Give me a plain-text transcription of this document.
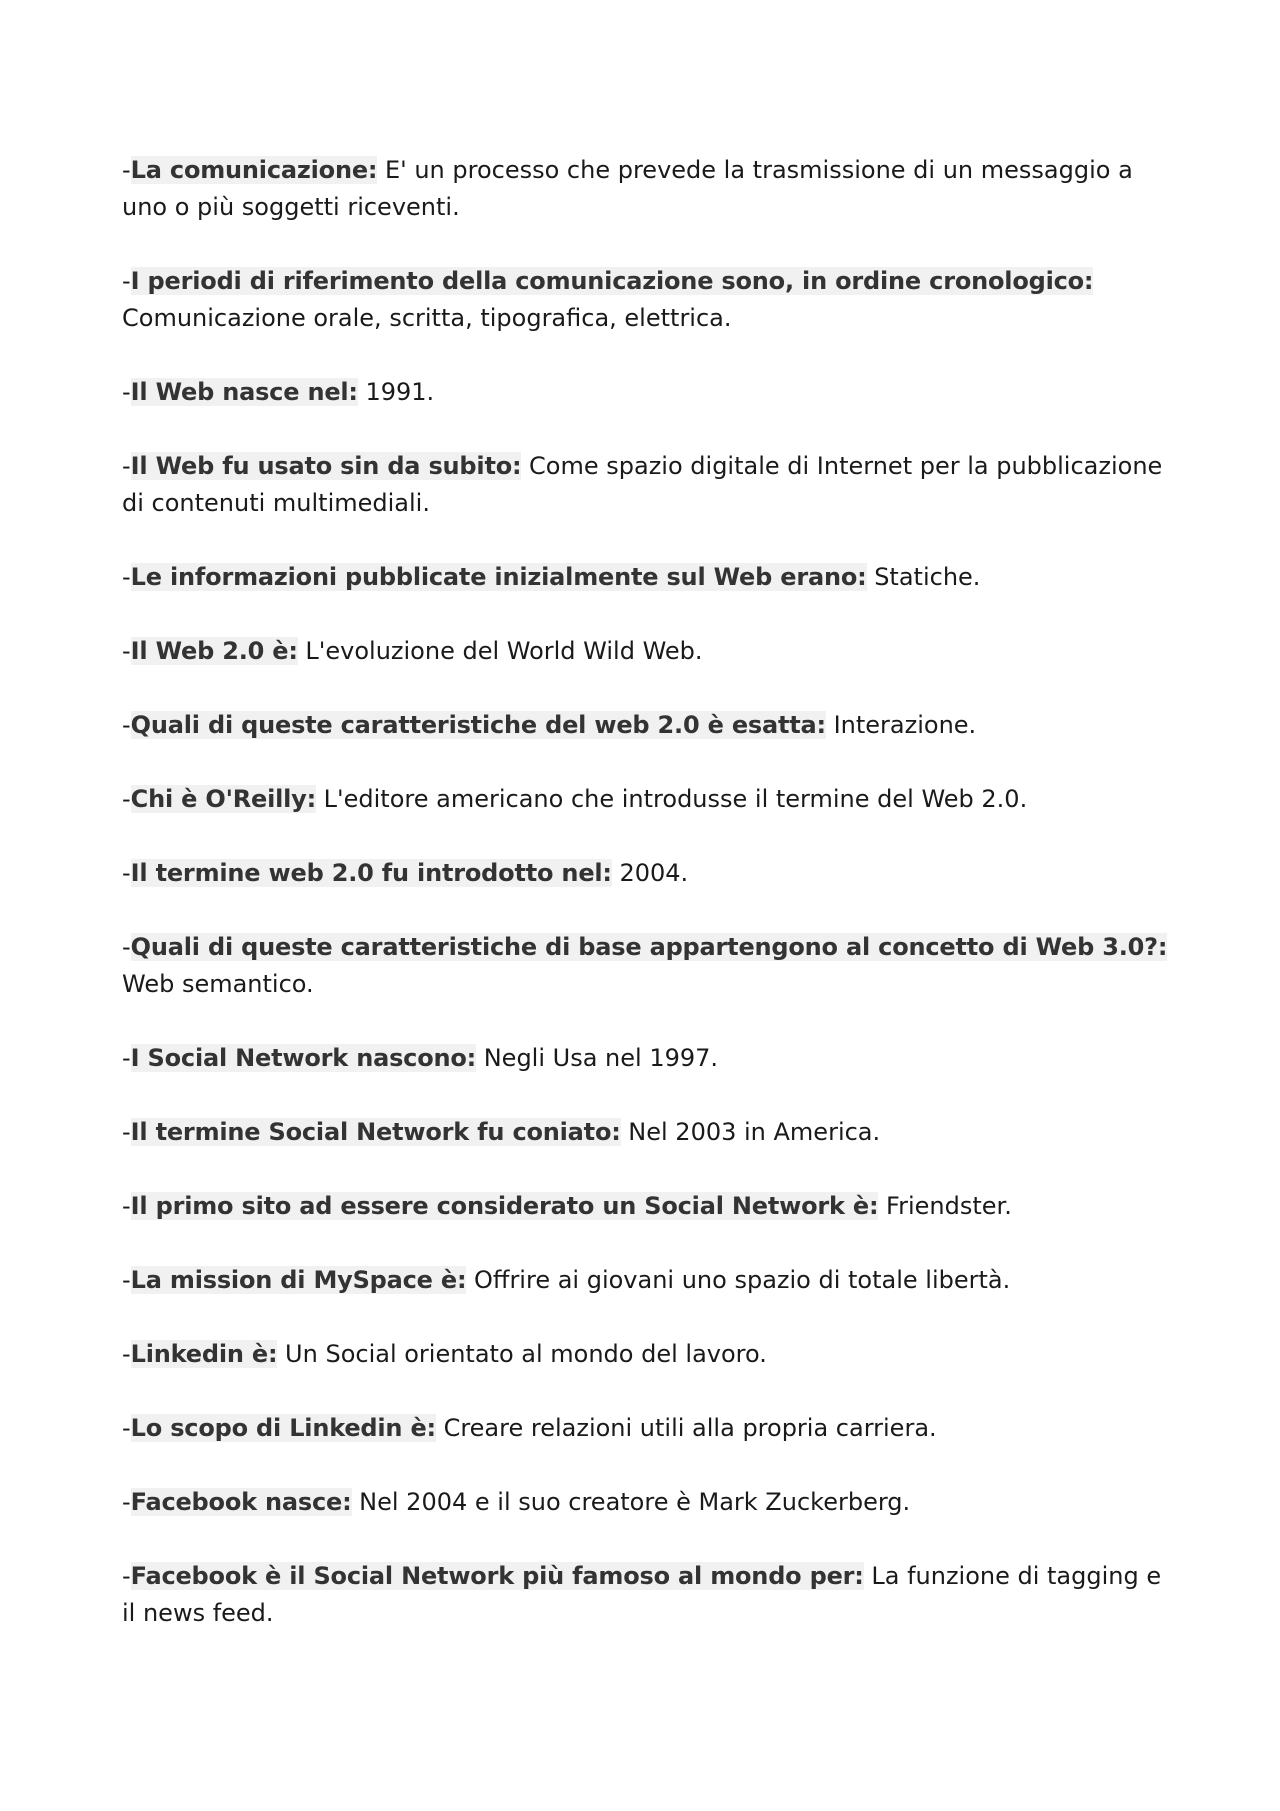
-La comunicazione: E' un processo che prevede la trasmissione di un messaggio a uno o più soggetti riceventi.

-I periodi di riferimento della comunicazione sono, in ordine cronologico: Comunicazione orale, scritta, tipografica, elettrica.

-Il Web nasce nel: 1991.

-Il Web fu usato sin da subito: Come spazio digitale di Internet per la pubblicazione di contenuti multimediali.

-Le informazioni pubblicate inizialmente sul Web erano: Statiche.

-Il Web 2.0 è: L'evoluzione del World Wild Web.

-Quali di queste caratteristiche del web 2.0 è esatta: Interazione.

-Chi è O'Reilly: L'editore americano che introdusse il termine del Web 2.0.

-Il termine web 2.0 fu introdotto nel: 2004.

-Quali di queste caratteristiche di base appartengono al concetto di Web 3.0?: Web semantico.

-I Social Network nascono: Negli Usa nel 1997.

-Il termine Social Network fu coniato: Nel 2003 in America.

-Il primo sito ad essere considerato un Social Network è: Friendster.

-La mission di MySpace è: Offrire ai giovani uno spazio di totale libertà.

-Linkedin è: Un Social orientato al mondo del lavoro.

-Lo scopo di Linkedin è: Creare relazioni utili alla propria carriera.

-Facebook nasce: Nel 2004 e il suo creatore è Mark Zuckerberg.

-Facebook è il Social Network più famoso al mondo per: La funzione di tagging e il news feed.
